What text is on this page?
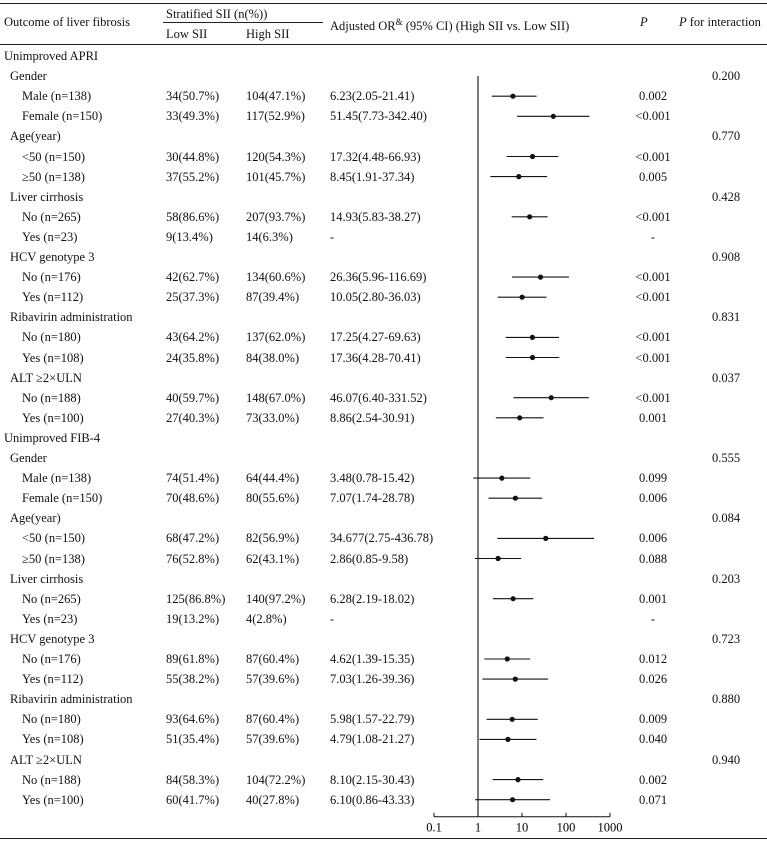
Outcome of liver fibrosis
Stratified SII (n(%))
Low SII	High SII
Adjusted OR& (95% CI) (High SII vs. Low SII)	P	P for interaction
Unimproved APRI
Gender	0.200
Male (n=138)	34(50.7%) 104(47.1%) 6.23(2.05-21.41)	0.002
Female (n=150)	33(49.3%) 117(52.9%) 51.45(7.73-342.40)	<0.001
Age(year)	0.770
<50 (n=150)	30(44.8%) 120(54.3%) 17.32(4.48-66.93)	<0.001
≥50 (n=138)	37(55.2%) 101(45.7%) 8.45(1.91-37.34)	0.005
Liver cirrhosis	0.428
No (n=265)	58(86.6%) 207(93.7%) 14.93(5.83-38.27)	<0.001
Yes (n=23)	9(13.4%)	14(6.3%)	-	-
HCV genotype 3	0.908
No (n=176)	42(62.7%) 134(60.6%) 26.36(5.96-116.69)	<0.001
Yes (n=112)	25(37.3%) 87(39.4%) 10.05(2.80-36.03)	<0.001
Ribavirin administration	0.831
No (n=180)	43(64.2%) 137(62.0%) 17.25(4.27-69.63)	<0.001
Yes (n=108)	24(35.8%) 84(38.0%) 17.36(4.28-70.41)	<0.001
ALT ≥2×ULN	0.037
No (n=188)	40(59.7%) 148(67.0%) 46.07(6.40-331.52)	<0.001
Yes (n=100)	27(40.3%) 73(33.0%) 8.86(2.54-30.91)	0.001
Unimproved FIB-4
Gender	0.555
Male (n=138)	74(51.4%) 64(44.4%) 3.48(0.78-15.42)	0.099
Female (n=150)	70(48.6%) 80(55.6%) 7.07(1.74-28.78)	0.006
Age(year)	0.084
<50 (n=150)	68(47.2%) 82(56.9%) 34.677(2.75-436.78)	0.006
≥50 (n=138)	76(52.8%) 62(43.1%) 2.86(0.85-9.58)	0.088
Liver cirrhosis	0.203
No (n=265)	125(86.8%) 140(97.2%) 6.28(2.19-18.02)	0.001
Yes (n=23)	19(13.2%) 4(2.8%)	-	-
HCV genotype 3	0.723
No (n=176)	89(61.8%) 87(60.4%) 4.62(1.39-15.35)	0.012
Yes (n=112)	55(38.2%) 57(39.6%) 7.03(1.26-39.36)	0.026
Ribavirin administration	0.880
No (n=180)	93(64.6%) 87(60.4%) 5.98(1.57-22.79)	0.009
Yes (n=108)	51(35.4%) 57(39.6%) 4.79(1.08-21.27)	0.040
ALT ≥2×ULN	0.940
No (n=188)	84(58.3%) 104(72.2%) 8.10(2.15-30.43)	0.002
Yes (n=100)	60(41.7%) 40(27.8%) 6.10(0.86-43.33)	0.071
0.1	1	10 100 1000
